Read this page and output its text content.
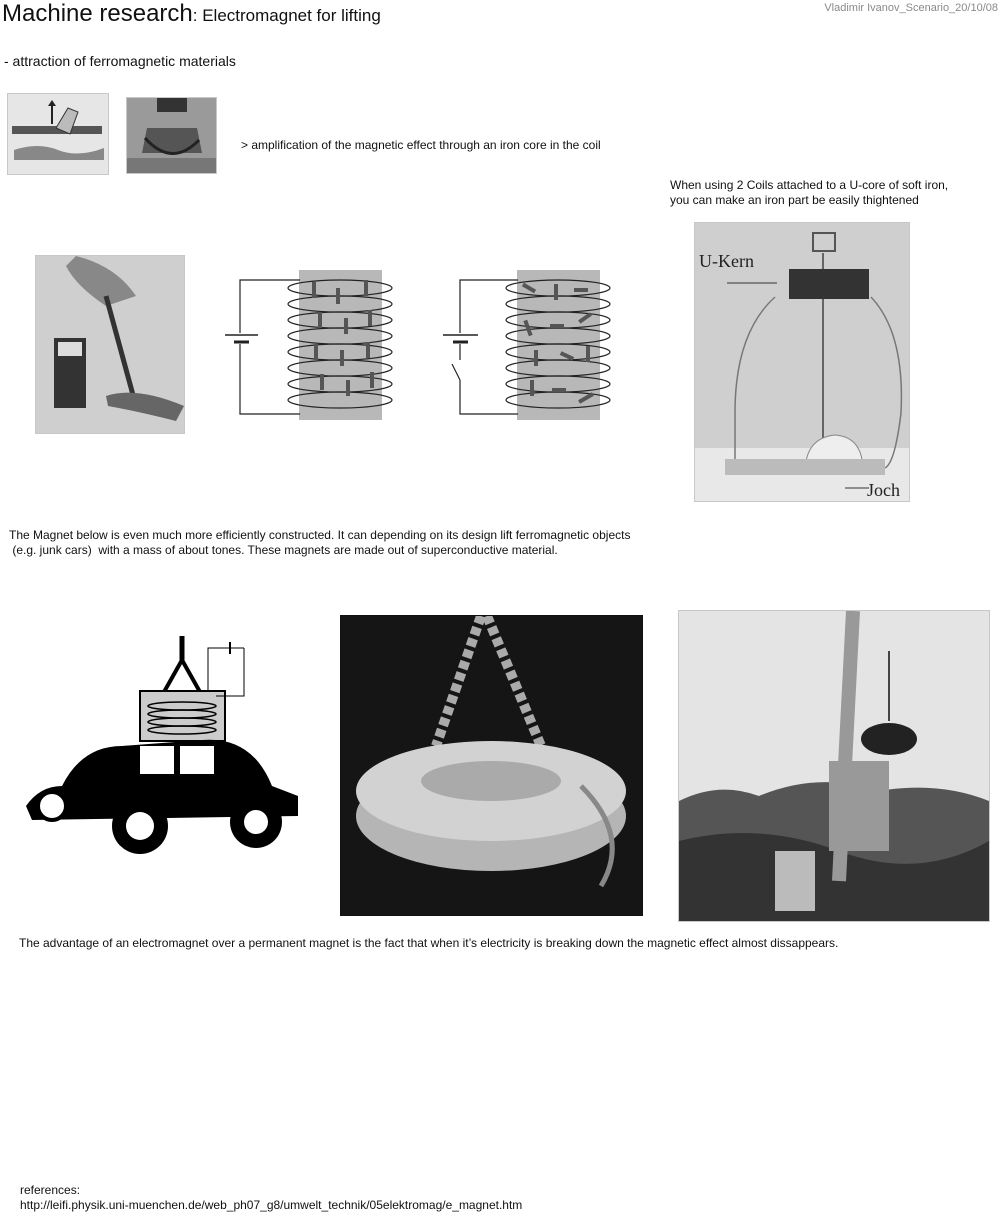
Machine research: Electromagnet for lifting	Vladimir Ivanov_Scenario_20/10/08
- attraction of ferromagnetic materials
> amplification of the magnetic effect through an iron core in the coil
When using 2 Coils attached to a U-core of soft iron,
you can make an iron part be easily thightened
U-Kern
Joch
The Magnet below is even much more efficiently constructed. It can depending on its design lift ferromagnetic objects
(e.g. junk cars)  with a mass of about tones. These magnets are made out of superconductive material.
The advantage of an electromagnet over a permanent magnet is the fact that when it’s electricity is breaking down the magnetic effect almost dissappears.
references:
http://leifi.physik.uni-muenchen.de/web_ph07_g8/umwelt_technik/05elektromag/e_magnet.htm
